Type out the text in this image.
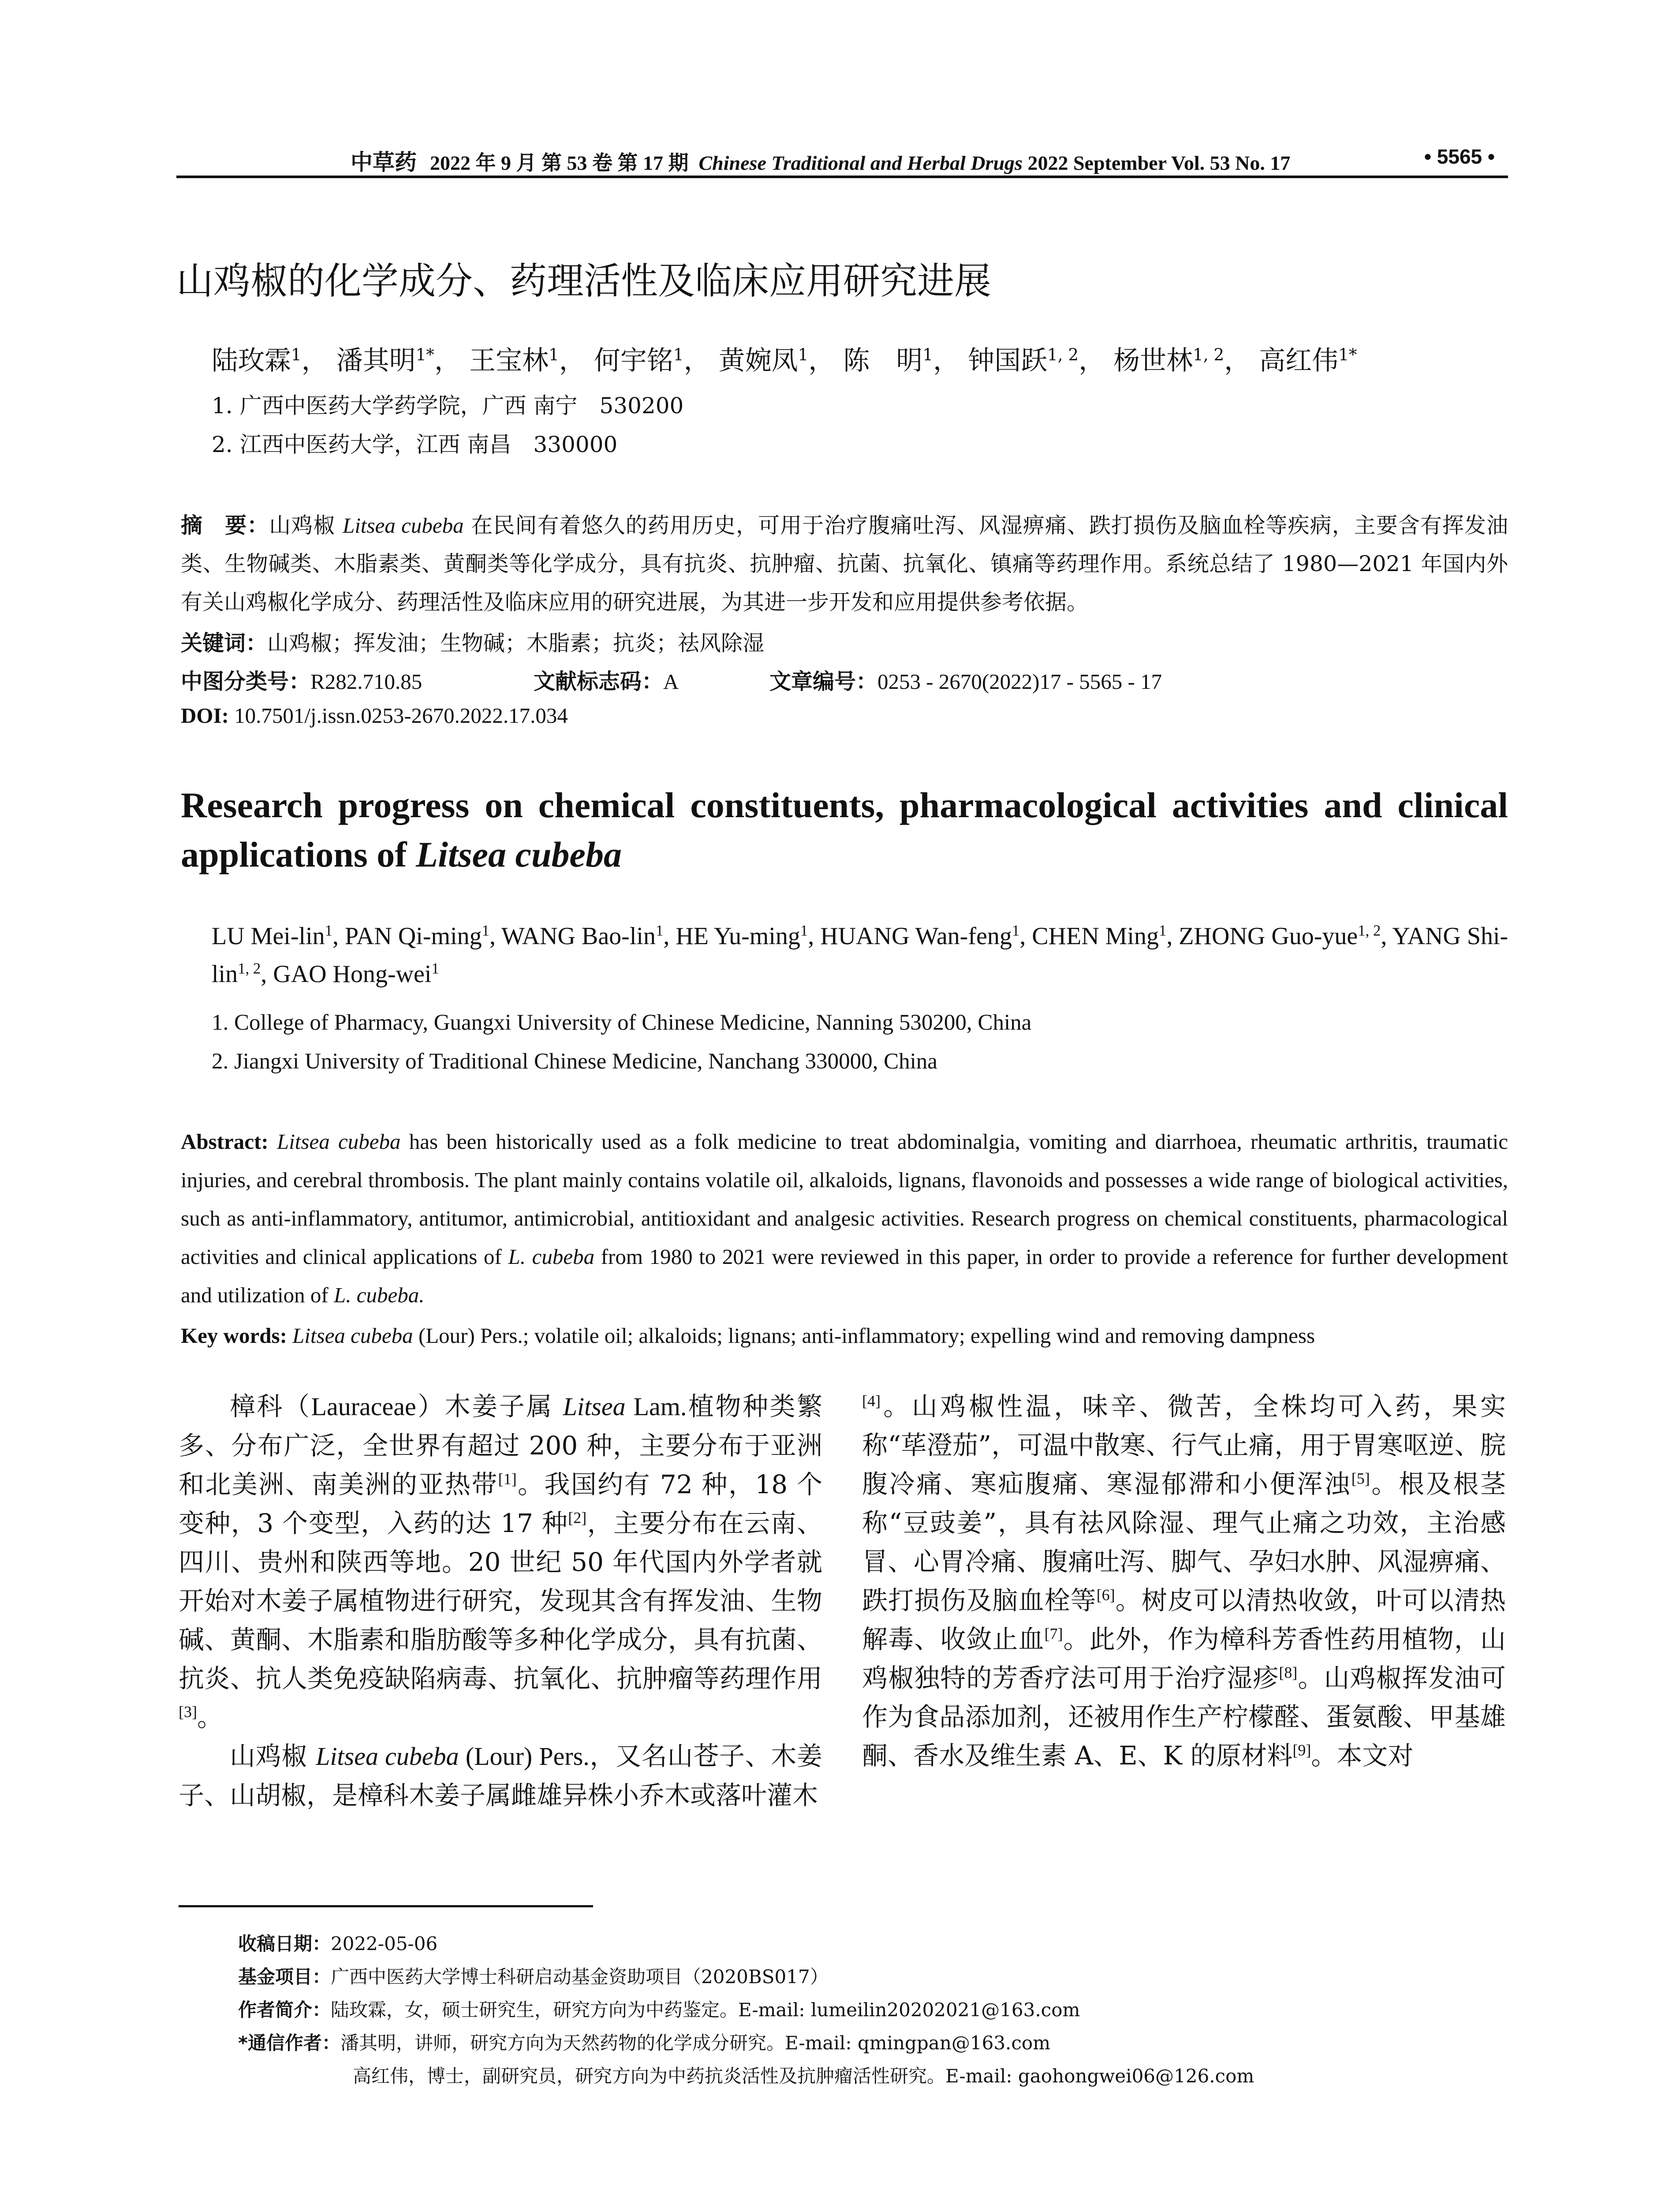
中草药 2022 年 9 月 第 53 卷 第 17 期 Chinese Traditional and Herbal Drugs 2022 September Vol. 53 No. 17	• 5565 •
山鸡椒的化学成分、药理活性及临床应用研究进展
陆玫霖$^1$， 潘其明$^{1*}$， 王宝林$^1$， 何宇铭$^1$， 黄婉凤$^1$， 陈　明$^1$， 钟国跃$^{1, 2}$， 杨世林$^{1, 2}$， 高红伟$^{1*}$
1. 广西中医药大学药学院，广西 南宁　530200
2. 江西中医药大学，江西 南昌　330000
摘　要：山鸡椒 Litsea cubeba 在民间有着悠久的药用历史，可用于治疗腹痛吐泻、风湿痹痛、跌打损伤及脑血栓等疾病，主要含有挥发油类、生物碱类、木脂素类、黄酮类等化学成分，具有抗炎、抗肿瘤、抗菌、抗氧化、镇痛等药理作用。系统总结了 1980—2021 年国内外有关山鸡椒化学成分、药理活性及临床应用的研究进展，为其进一步开发和应用提供参考依据。
关键词：山鸡椒；挥发油；生物碱；木脂素；抗炎；祛风除湿
中图分类号：R282.710.85	文献标志码：A	文章编号：0253 - 2670(2022)17 - 5565 - 17
DOI: 10.7501/j.issn.0253-2670.2022.17.034
Research progress on chemical constituents, pharmacological activities and clinical applications of Litsea cubeba
LU Mei-lin$^1$, PAN Qi-ming$^1$, WANG Bao-lin$^1$, HE Yu-ming$^1$, HUANG Wan-feng$^1$, CHEN Ming$^1$, ZHONG Guo-yue$^{1, 2}$, YANG Shi-lin$^{1, 2}$, GAO Hong-wei$^1$
1. College of Pharmacy, Guangxi University of Chinese Medicine, Nanning 530200, China
2. Jiangxi University of Traditional Chinese Medicine, Nanchang 330000, China
Abstract: Litsea cubeba has been historically used as a folk medicine to treat abdominalgia, vomiting and diarrhoea, rheumatic arthritis, traumatic injuries, and cerebral thrombosis. The plant mainly contains volatile oil, alkaloids, lignans, flavonoids and possesses a wide range of biological activities, such as anti-inflammatory, antitumor, antimicrobial, antitioxidant and analgesic activities. Research progress on chemical constituents, pharmacological activities and clinical applications of L. cubeba from 1980 to 2021 were reviewed in this paper, in order to provide a reference for further development and utilization of L. cubeba.
Key words: Litsea cubeba (Lour) Pers.; volatile oil; alkaloids; lignans; anti-inflammatory; expelling wind and removing dampness

樟科（Lauraceae）木姜子属 Litsea Lam.植物种类繁多、分布广泛，全世界有超过 200 种，主要分布于亚洲和北美洲、南美洲的亚热带[1]。我国约有 72 种，18 个变种，3 个变型，入药的达 17 种[2]，主要分布在云南、四川、贵州和陕西等地。20 世纪 50 年代国内外学者就开始对木姜子属植物进行研究，发现其含有挥发油、生物碱、黄酮、木脂素和脂肪酸等多种化学成分，具有抗菌、抗炎、抗人类免疫缺陷病毒、抗氧化、抗肿瘤等药理作用[3]。

山鸡椒 Litsea cubeba (Lour) Pers.，又名山苍子、木姜子、山胡椒，是樟科木姜子属雌雄异株小乔木或落叶灌木

[4]。山鸡椒性温，味辛、微苦，全株均可入药，果实称“荜澄茄”，可温中散寒、行气止痛，用于胃寒呕逆、脘腹冷痛、寒疝腹痛、寒湿郁滞和小便浑浊[5]。根及根茎称“豆豉姜”，具有祛风除湿、理气止痛之功效，主治感冒、心胃冷痛、腹痛吐泻、脚气、孕妇水肿、风湿痹痛、跌打损伤及脑血栓等[6]。树皮可以清热收敛，叶可以清热解毒、收敛止血[7]。此外，作为樟科芳香性药用植物，山鸡椒独特的芳香疗法可用于治疗湿疹[8]。山鸡椒挥发油可作为食品添加剂，还被用作生产柠檬醛、蛋氨酸、甲基雄酮、香水及维生素 A、E、K 的原材料[9]。本文对
收稿日期：2022-05-06
基金项目：广西中医药大学博士科研启动基金资助项目（2020BS017）
作者简介：陆玫霖，女，硕士研究生，研究方向为中药鉴定。E-mail: lumeilin20202021@163.com
*通信作者：潘其明，讲师，研究方向为天然药物的化学成分研究。E-mail: qmingpan@163.com
高红伟，博士，副研究员，研究方向为中药抗炎活性及抗肿瘤活性研究。E-mail: gaohongwei06@126.com
